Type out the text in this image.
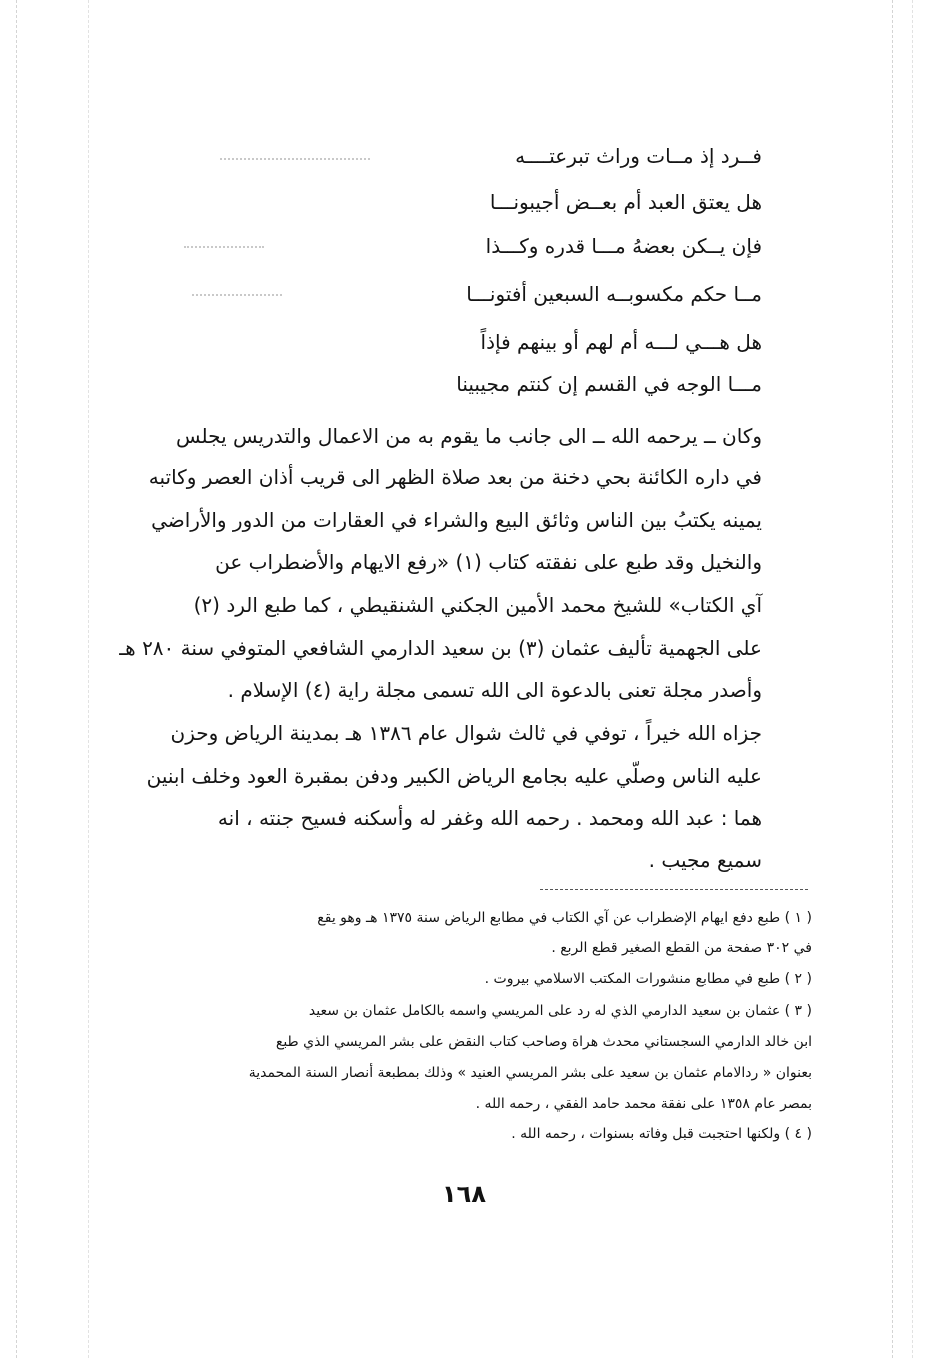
فــرد إذ مــات وراث تبرعتــــه
هل يعتق العبد أم بعــض أجيبونـــا
فإن يــكن بعضهُ مـــا قدره وكـــذا
مــا حكم مكسوبــه السبعين أفتونـــا
هل هـــي لـــه أم لهم أو بينهم فإذاً
مـــا الوجه في القسم إن كنتم مجيبينا
وكان ــ يرحمه الله ــ الى جانب ما يقوم به من الاعمال والتدريس يجلس
في داره الكائنة بحي دخنة من بعد صلاة الظهر الى قريب أذان العصر وكاتبه
يمينه يكتبُ بين الناس وثائق البيع والشراء في العقارات من الدور والأراضي
والنخيل وقد طبع على نفقته كتاب (١) «رفع الايهام والأضطراب عن
آي الكتاب» للشيخ محمد الأمين الجكني الشنقيطي ، كما طبع الرد (٢)
على الجهمية تأليف عثمان (٣) بن سعيد الدارمي الشافعي المتوفي سنة ٢٨٠ هـ
وأصدر مجلة تعنى بالدعوة الى الله تسمى مجلة راية (٤) الإسلام .
جزاه الله خيراً ، توفي في ثالث شوال عام ١٣٨٦ هـ بمدينة الرياض وحزن
عليه الناس وصلّي عليه بجامع الرياض الكبير ودفن بمقبرة العود وخلف ابنين
هما : عبد الله ومحمد . رحمه الله وغفر له وأسكنه فسيح جنته ، انه
سميع مجيب .
( ١ ) طبع دفع ايهام الإضطراب عن آي الكتاب في مطابع الرياض سنة ١٣٧٥ هـ وهو يقع
في ٣٠٢ صفحة من القطع الصغير قطع الربع .
( ٢ ) طبع في مطابع منشورات المكتب الاسلامي بيروت .
( ٣ ) عثمان بن سعيد الدارمي الذي له رد على المريسي واسمه بالكامل عثمان بن سعيد
ابن خالد الدارمي السجستاني محدث هراة وصاحب كتاب النقض على بشر المريسي الذي طبع
بعنوان « ردالامام عثمان بن سعيد على بشر المريسي العنيد » وذلك بمطبعة أنصار السنة المحمدية
بمصر عام ١٣٥٨ على نفقة محمد حامد الفقي ، رحمه الله .
( ٤ ) ولكنها احتجبت قبل وفاته بسنوات ، رحمه الله .
١٦٨
